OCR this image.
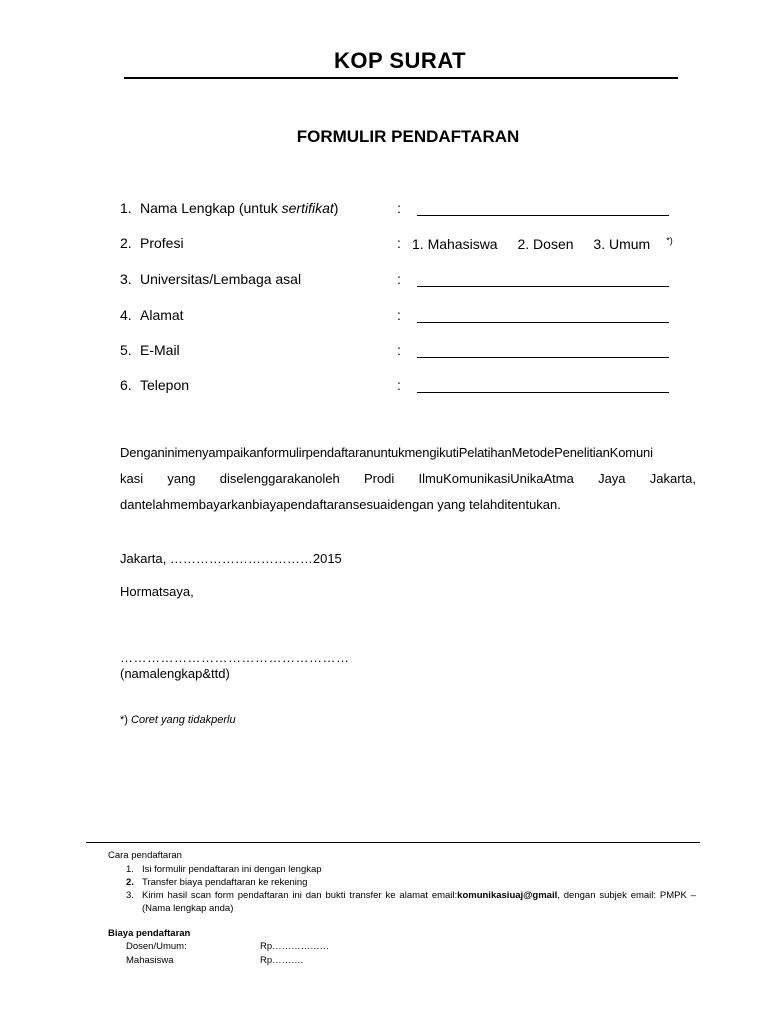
KOP SURAT
FORMULIR PENDAFTARAN
1. Nama Lengkap (untuk sertifikat)	:
2. Profesi	: 1. Mahasiswa 2. Dosen 3. Umum *)
3. Universitas/Lembaga asal	:
4. Alamat	:
5. E-Mail	:
6. Telepon	:
DenganinimenyampaikanformulirpendaftaranuntukmengikutiPelatihanMetodePenelitianKomuni
kasi yang diselenggarakanoleh Prodi IlmuKomunikasiUnikaAtma Jaya Jakarta,
dantelahmembayarkanbiayapendaftaransesuaidengan yang telahditentukan.
Jakarta, ……………………………2015
Hormatsaya,
……………………………………………
(namalengkap&ttd)
*) Coret yang tidakperlu
Cara pendaftaran
1. Isi formulir pendaftaran ini dengan lengkap
2. Transfer biaya pendaftaran ke rekening
3. Kirim hasil scan form pendaftaran ini dan bukti transfer ke alamat email:komunikasiuaj@gmail, dengan subjek email: PMPK – (Nama lengkap anda)
Biaya pendaftaran
Dosen/Umum:	Rp………………
Mahasiswa	Rp……….
